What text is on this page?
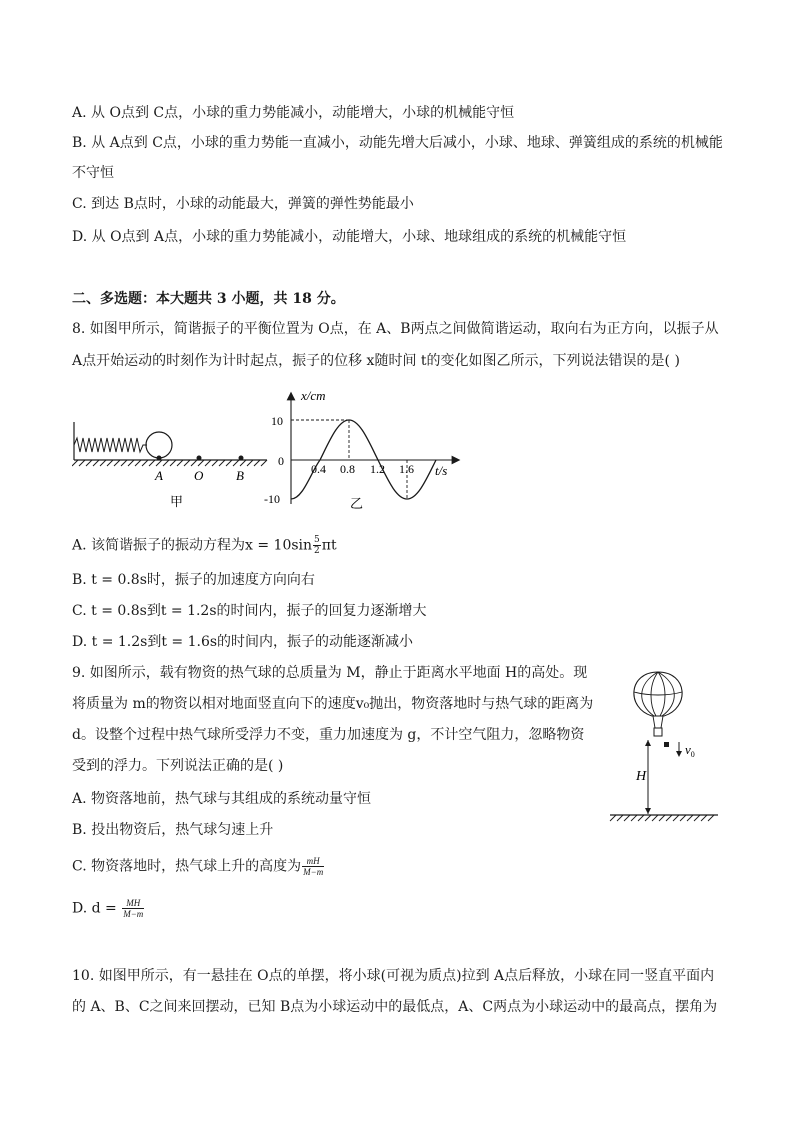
A. 从 O点到 C点，小球的重力势能减小，动能增大，小球的机械能守恒
B. 从 A点到 C点，小球的重力势能一直减小，动能先增大后减小，小球、地球、弹簧组成的系统的机械能
不守恒
C. 到达 B点时，小球的动能最大，弹簧的弹性势能最小
D. 从 O点到 A点，小球的重力势能减小，动能增大，小球、地球组成的系统的机械能守恒
二、多选题：本大题共 3 小题，共 18 分。
8. 如图甲所示，简谐振子的平衡位置为 O点，在 A、B两点之间做简谐运动，取向右为正方向，以振子从
A点开始运动的时刻作为计时起点，振子的位移 x随时间 t的变化如图乙所示，下列说法错误的是( )
A O	B
甲
x/cm
t/s
10
0
-10
0.4 0.8 1.2 1.6
乙
A. 该简谐振子的振动方程为$x = 10\sin \frac{5}{2}$ πt
B. t = 0.8s时，振子的加速度方向向右
C. t = 0.8s到t = 1.2s的时间内，振子的回复力逐渐增大
D. t = 1.2s到t = 1.6s的时间内，振子的动能逐渐减小
9. 如图所示，载有物资的热气球的总质量为 M，静止于距离水平地面 H的高处。现
将质量为 m的物资以相对地面竖直向下的速度v₀抛出，物资落地时与热气球的距离为
d。设整个过程中热气球所受浮力不变，重力加速度为 g，不计空气阻力，忽略物资
受到的浮力。下列说法正确的是( )
A. 物资落地前，热气球与其组成的系统动量守恒
B. 投出物资后，热气球匀速上升
C. 物资落地时，热气球上升的高度为 $\frac{mH}{M-m}$
D. $d = \frac{MH}{M-m}$
$v_0$
H
10. 如图甲所示，有一悬挂在 O点的单摆，将小球(可视为质点)拉到 A点后释放，小球在同一竖直平面内
的 A、B、C之间来回摆动，已知 B点为小球运动中的最低点，A、C两点为小球运动中的最高点，摆角为
